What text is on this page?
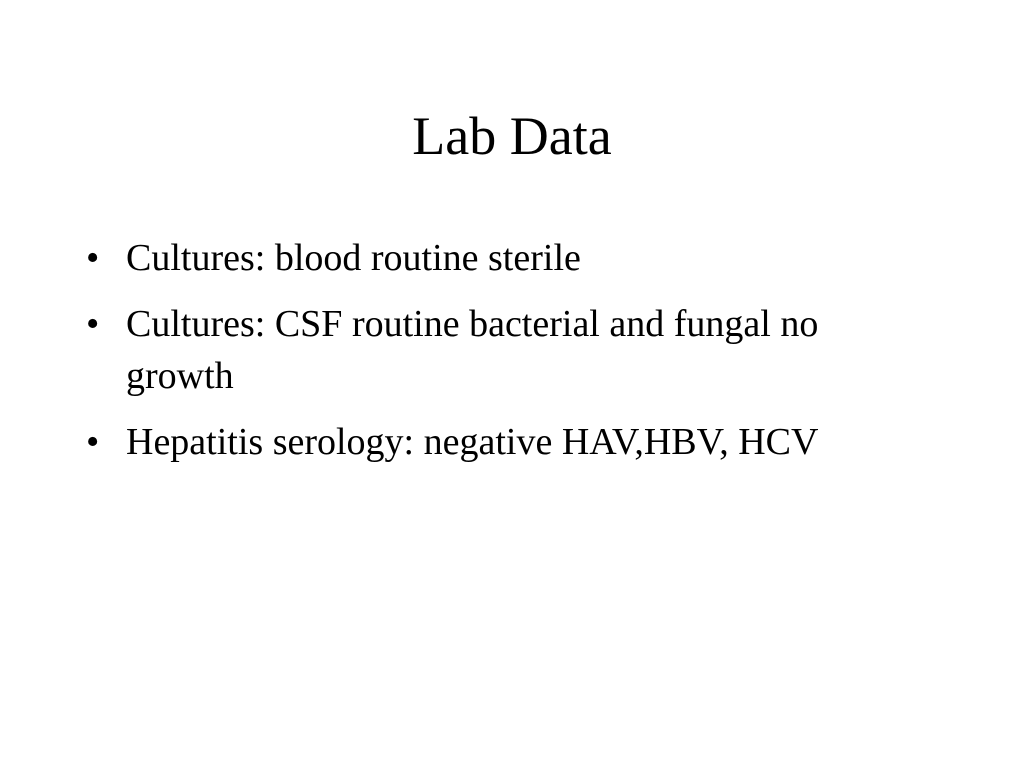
Lab Data
• Cultures: blood routine sterile
• Cultures: CSF routine bacterial and fungal no growth
• Hepatitis serology: negative HAV,HBV, HCV
